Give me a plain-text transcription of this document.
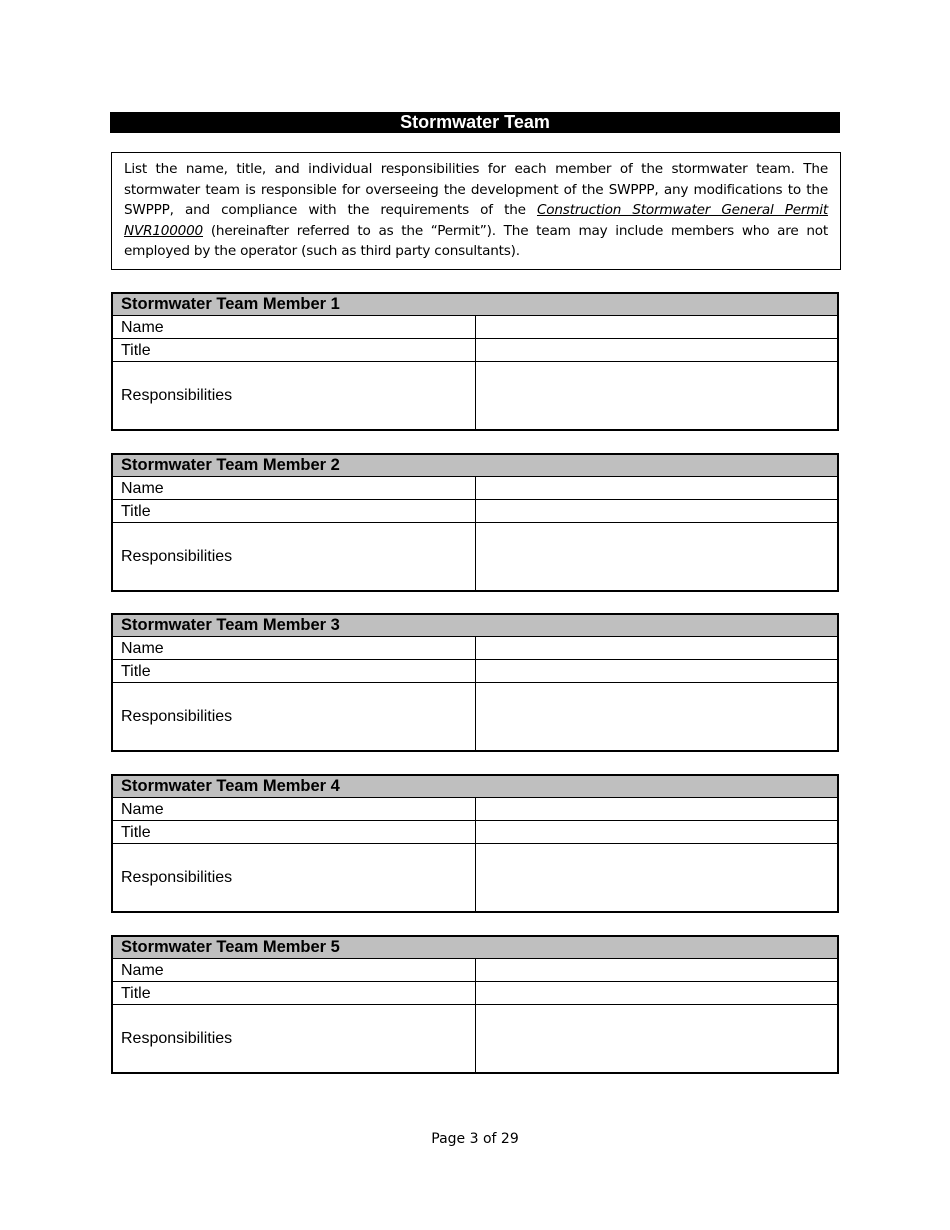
Stormwater Team
List the name, title, and individual responsibilities for each member of the stormwater team. The stormwater team is responsible for overseeing the development of the SWPPP, any modifications to the SWPPP, and compliance with the requirements of the Construction Stormwater General Permit NVR100000 (hereinafter referred to as the “Permit”). The team may include members who are not employed by the operator (such as third party consultants).
Stormwater Team Member 1	
Name	
Title	
Responsibilities	
Stormwater Team Member 2	
Name	
Title	
Responsibilities	
Stormwater Team Member 3	
Name	
Title	
Responsibilities	
Stormwater Team Member 4	
Name	
Title	
Responsibilities	
Stormwater Team Member 5	
Name	
Title	
Responsibilities	
Page 3 of 29
